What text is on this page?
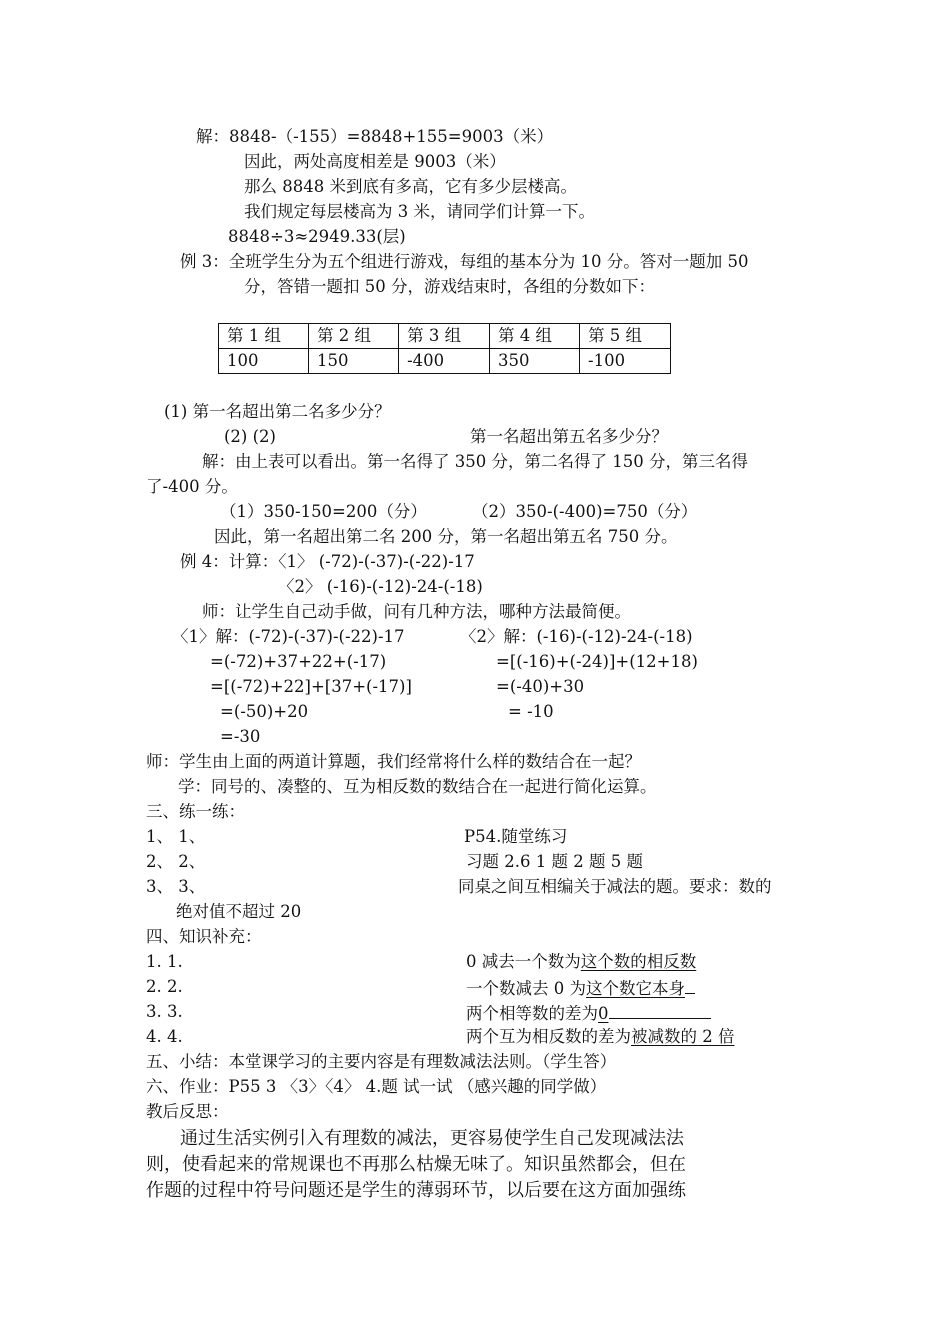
解：8848-（-155）=8848+155=9003（米）
因此，两处高度相差是 9003（米）
那么 8848 米到底有多高，它有多少层楼高。
我们规定每层楼高为 3 米，请同学们计算一下。
8848÷3≈2949.33(层)
例 3：全班学生分为五个组进行游戏，每组的基本分为 10 分。答对一题加 50
分，答错一题扣 50 分，游戏结束时，各组的分数如下：
第 1 组	第 2 组	第 3 组	第 4 组	第 5 组
100	150	-400	350	-100
(1) 第一名超出第二名多少分？
(2) (2)	第一名超出第五名多少分？
解：由上表可以看出。第一名得了 350 分，第二名得了 150 分，第三名得
了-400 分。
（1）350-150=200（分）	（2）350-(-400)=750（分）
因此，第一名超出第二名 200 分，第一名超出第五名 750 分。
例 4：计算：〈1〉 (-72)-(-37)-(-22)-17
〈2〉 (-16)-(-12)-24-(-18)
师：让学生自己动手做，问有几种方法，哪种方法最简便。
〈1〉解：(-72)-(-37)-(-22)-17
=(-72)+37+22+(-17)
=[(-72)+22]+[37+(-17)]
=(-50)+20
=-30
〈2〉解：(-16)-(-12)-24-(-18)
=[(-16)+(-24)]+(12+18)
=(-40)+30
= -10
师：学生由上面的两道计算题，我们经常将什么样的数结合在一起？
学：同号的、凑整的、互为相反数的数结合在一起进行简化运算。
三、练一练：
1、 1、	P54.随堂练习
2、 2、	习题 2.6 1 题 2 题 5 题
3、 3、	同桌之间互相编关于减法的题。要求：数的
绝对值不超过 20
四、知识补充：
1. 1.	0 减去一个数为这个数的相反数
2. 2.	一个数减去 0 为这个数它本身
3. 3.	两个相等数的差为0
4. 4.	两个互为相反数的差为被减数的 2 倍
五、小结：本堂课学习的主要内容是有理数减法法则。（学生答）
六、作业：P55 3 〈3〉〈4〉 4.题 试一试 （感兴趣的同学做）
教后反思：
通过生活实例引入有理数的减法，更容易使学生自己发现减法法
则，使看起来的常规课也不再那么枯燥无味了。知识虽然都会，但在
作题的过程中符号问题还是学生的薄弱环节，以后要在这方面加强练
